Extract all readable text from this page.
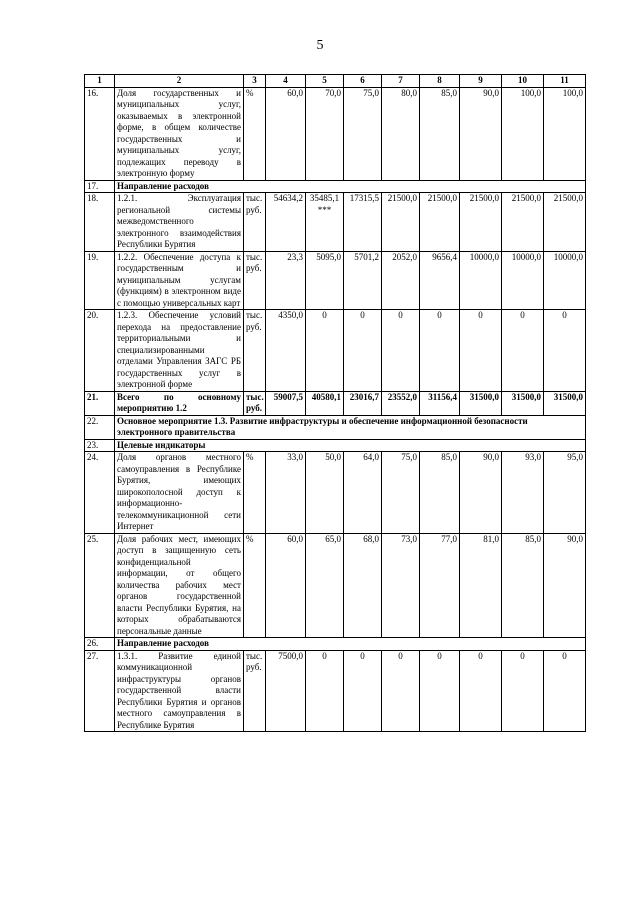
5
1	2	3	4	5	6	7	8	9	10	11
16.	Доля государственных и муниципальных услуг, оказываемых в электронной форме, в общем количестве государственных и муниципальных услуг, подлежащих переводу в электронную форму	%	60,0	70,0	75,0	80,0	85,0	90,0	100,0	100,0
17.	Направление расходов									
18.	1.2.1. Эксплуатация региональной системы межведомственного электронного взаимодействия Республики Бурятия	тыс. руб.	54634,2	35485,1 ***	17315,5	21500,0	21500,0	21500,0	21500,0	21500,0
19.	1.2.2. Обеспечение доступа к государственным и муниципальным услугам (функциям) в электронном виде с помощью универсальных карт	тыс. руб.	23,3	5095,0	5701,2	2052,0	9656,4	10000,0	10000,0	10000,0
20.	1.2.3. Обеспечение условий перехода на предоставление территориальными и специализированными отделами Управления ЗАГС РБ государственных услуг в электронной форме	тыс. руб.	4350,0	0	0	0	0	0	0	0
21.	Всего по основному мероприятию 1.2	тыс. руб.	59007,5	40580,1	23016,7	23552,0	31156,4	31500,0	31500,0	31500,0
22.	Основное мероприятие 1.3. Развитие инфраструктуры и обеспечение информационной безопасности электронного правительства									
23.	Целевые индикаторы									
24.	Доля органов местного самоуправления в Республике Бурятия, имеющих широкополосной доступ к информационно-телекоммуникационной сети Интернет	%	33,0	50,0	64,0	75,0	85,0	90,0	93,0	95,0
25.	Доля рабочих мест, имеющих доступ в защищенную сеть конфиденциальной информации, от общего количества рабочих мест органов государственной власти Республики Бурятия, на которых обрабатываются персональные данные	%	60,0	65,0	68,0	73,0	77,0	81,0	85,0	90,0
26.	Направление расходов									
27.	1.3.1. Развитие единой коммуникационной инфраструктуры органов государственной власти Республики Бурятия и органов местного самоуправления в Республике Бурятия	тыс. руб.	7500,0	0	0	0	0	0	0	0
